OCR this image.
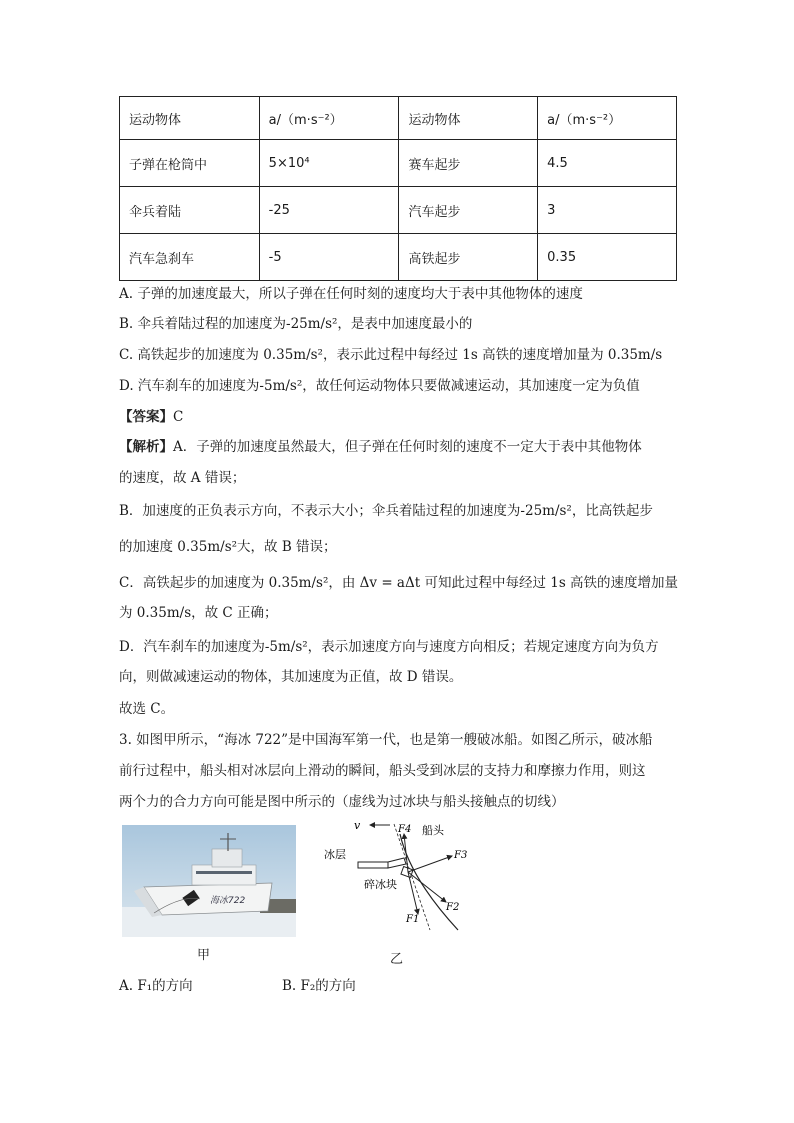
运动物体	a/（m·s⁻²）	运动物体	a/（m·s⁻²）
子弹在枪筒中	5×10⁴	赛车起步	4.5
伞兵着陆	-25	汽车起步	3
汽车急刹车	-5	高铁起步	0.35
A. 子弹的加速度最大，所以子弹在任何时刻的速度均大于表中其他物体的速度
B. 伞兵着陆过程的加速度为-25m/s²，是表中加速度最小的
C. 高铁起步的加速度为 0.35m/s²，表示此过程中每经过 1s 高铁的速度增加量为 0.35m/s
D. 汽车刹车的加速度为-5m/s²，故任何运动物体只要做减速运动，其加速度一定为负值
【答案】C
【解析】A．子弹的加速度虽然最大，但子弹在任何时刻的速度不一定大于表中其他物体
的速度，故 A 错误；
B．加速度的正负表示方向，不表示大小；伞兵着陆过程的加速度为-25m/s²，比高铁起步
的加速度 0.35m/s²大，故 B 错误；
C．高铁起步的加速度为 0.35m/s²，由 Δv = aΔt 可知此过程中每经过 1s 高铁的速度增加量
为 0.35m/s，故 C 正确；
D．汽车刹车的加速度为-5m/s²，表示加速度方向与速度方向相反；若规定速度方向为负方
向，则做减速运动的物体，其加速度为正值，故 D 错误。
故选 C。
3. 如图甲所示，“海冰 722”是中国海军第一代，也是第一艘破冰船。如图乙所示，破冰船
前行过程中，船头相对冰层向上滑动的瞬间，船头受到冰层的支持力和摩擦力作用，则这
两个力的合力方向可能是图中所示的（虚线为过冰块与船头接触点的切线）
海冰722
甲
v
冰层
碎冰块
F4 船头
F3
F2
F1
乙
A. F₁的方向	B. F₂的方向
